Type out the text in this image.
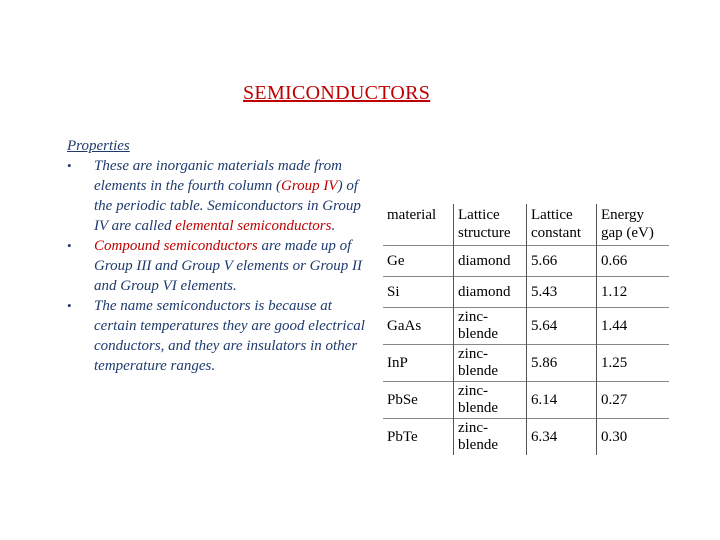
SEMICONDUCTORS
Properties
• These are inorganic materials made from elements in the fourth column (Group IV) of the periodic table. Semiconductors in Group IV are called elemental semiconductors.
• Compound semiconductors are made up of Group III and Group V elements or Group II and Group VI elements.
• The name semiconductors is because at certain temperatures they are good electrical conductors, and they are insulators in other temperature ranges.
material	Lattice structure	Lattice constant	Energy gap (eV)
Ge	diamond	5.66	0.66
Si	diamond	5.43	1.12
GaAs	zinc-blende	5.64	1.44
InP	zinc-blende	5.86	1.25
PbSe	zinc-blende	6.14	0.27
PbTe	zinc-blende	6.34	0.30
